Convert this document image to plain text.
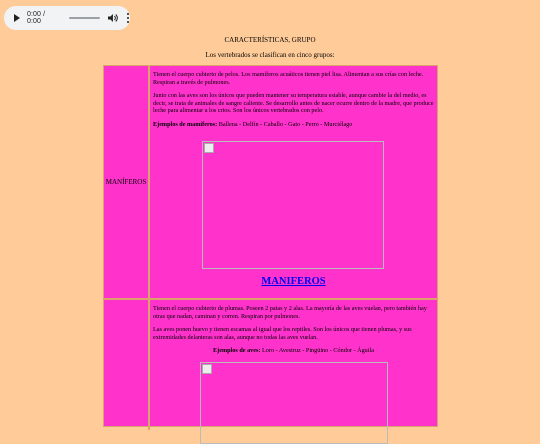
0:00 / 0:00
CARACTERÍSTICAS, GRUPO
Los vertebrados se clasifican en cinco grupos:
MANÍFEROS

Tienen el cuerpo cubierto de pelos. Los mamíferos acuáticos tienen piel lisa. Alimentan a sus crías con leche. Respiran a través de pulmones.

Junto con las aves son los únicos que pueden mantener su temperatura estable, aunque cambie la del medio, es decir, se trata de animales de sangre caliente. Se desarrollo antes de nacer ocurre dentro de la madre, que produce leche para alimentar a los crios. Son los únicos vertebrados con pelo.

Ejemplos de mamíferos: Ballena - Delfín - Caballo - Gato - Perro - Murciélago

MANIFEROS

Tienen el cuerpo cubierto de plumas. Poseen 2 patas y 2 alas. La mayoría de las aves vuelan, pero también hay otras que nadan, caminan y corren. Respiran por pulmones.

Las aves ponen huevo y tienen escamas al igual que los reptiles. Son los únicos que tienen plumas, y sus extremidades delanteras son alas, aunque no todas las aves vuelan.

Ejemplos de aves: Loro - Avestruz - Pingüino - Cóndor - Águila
